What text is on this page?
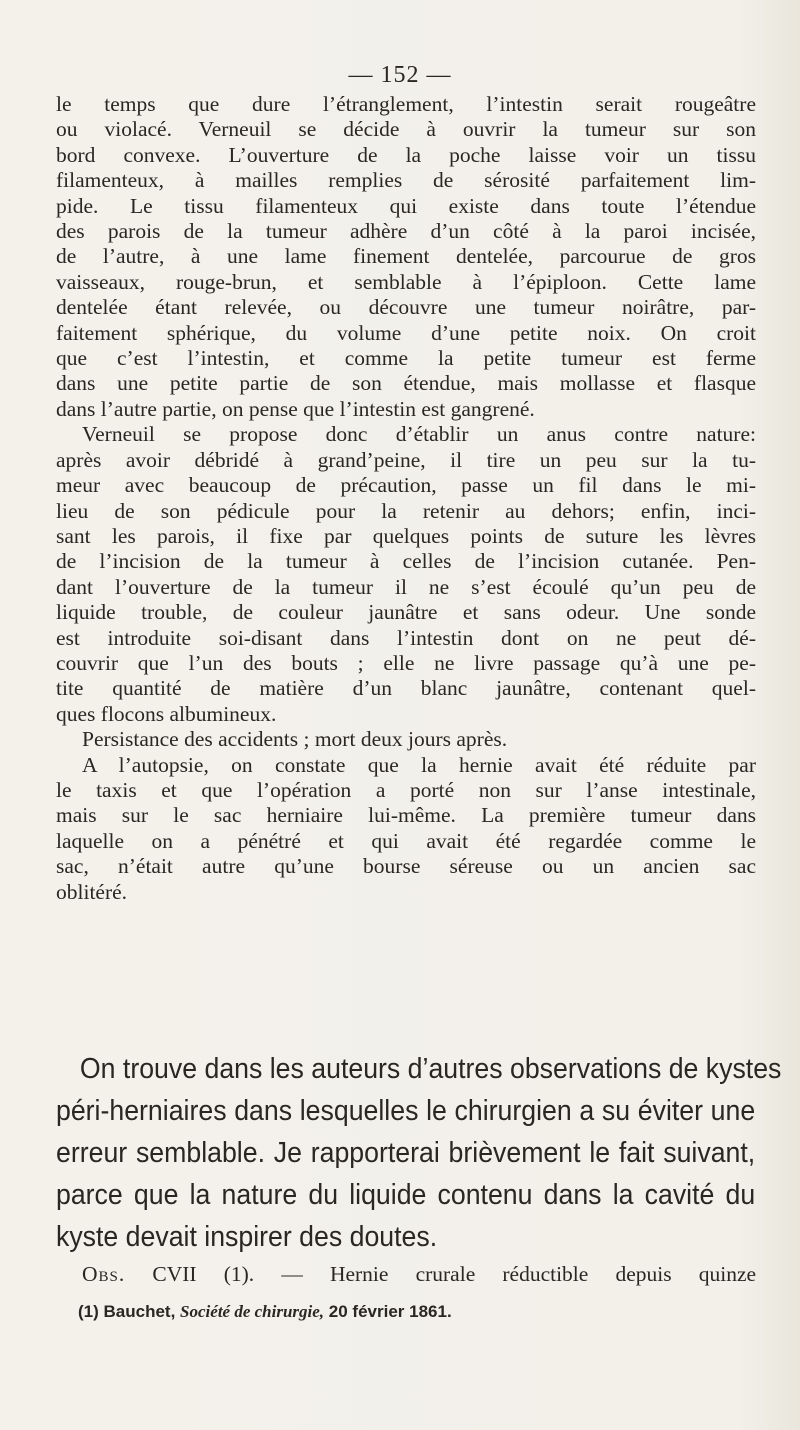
— 152 —
le temps que dure l’étranglement, l’intestin serait rougeâtre
ou violacé. Verneuil se décide à ouvrir la tumeur sur son
bord convexe. L’ouverture de la poche laisse voir un tissu
filamenteux, à mailles remplies de sérosité parfaitement lim-
pide. Le tissu filamenteux qui existe dans toute l’étendue
des parois de la tumeur adhère d’un côté à la paroi incisée,
de l’autre, à une lame finement dentelée, parcourue de gros
vaisseaux, rouge-brun, et semblable à l’épiploon. Cette lame
dentelée étant relevée, ou découvre une tumeur noirâtre, par-
faitement sphérique, du volume d’une petite noix. On croit
que c’est l’intestin, et comme la petite tumeur est ferme
dans une petite partie de son étendue, mais mollasse et flasque
dans l’autre partie, on pense que l’intestin est gangrené.
Verneuil se propose donc d’établir un anus contre nature:
après avoir débridé à grand’peine, il tire un peu sur la tu-
meur avec beaucoup de précaution, passe un fil dans le mi-
lieu de son pédicule pour la retenir au dehors; enfin, inci-
sant les parois, il fixe par quelques points de suture les lèvres
de l’incision de la tumeur à celles de l’incision cutanée. Pen-
dant l’ouverture de la tumeur il ne s’est écoulé qu’un peu de
liquide trouble, de couleur jaunâtre et sans odeur. Une sonde
est introduite soi-disant dans l’intestin dont on ne peut dé-
couvrir que l’un des bouts ; elle ne livre passage qu’à une pe-
tite quantité de matière d’un blanc jaunâtre, contenant quel-
ques flocons albumineux.
Persistance des accidents ; mort deux jours après.
A l’autopsie, on constate que la hernie avait été réduite par
le taxis et que l’opération a porté non sur l’anse intestinale,
mais sur le sac herniaire lui-même. La première tumeur dans
laquelle on a pénétré et qui avait été regardée comme le
sac, n’était autre qu’une bourse séreuse ou un ancien sac
oblitéré.
On trouve dans les auteurs d’autres observations de kystes
péri-herniaires dans lesquelles le chirurgien a su éviter une
erreur semblable. Je rapporterai brièvement le fait suivant,
parce que la nature du liquide contenu dans la cavité du
kyste devait inspirer des doutes.
Obs. CVII (1). — Hernie crurale réductible depuis quinze
(1) Bauchet, Société de chirurgie, 20 février 1861.
